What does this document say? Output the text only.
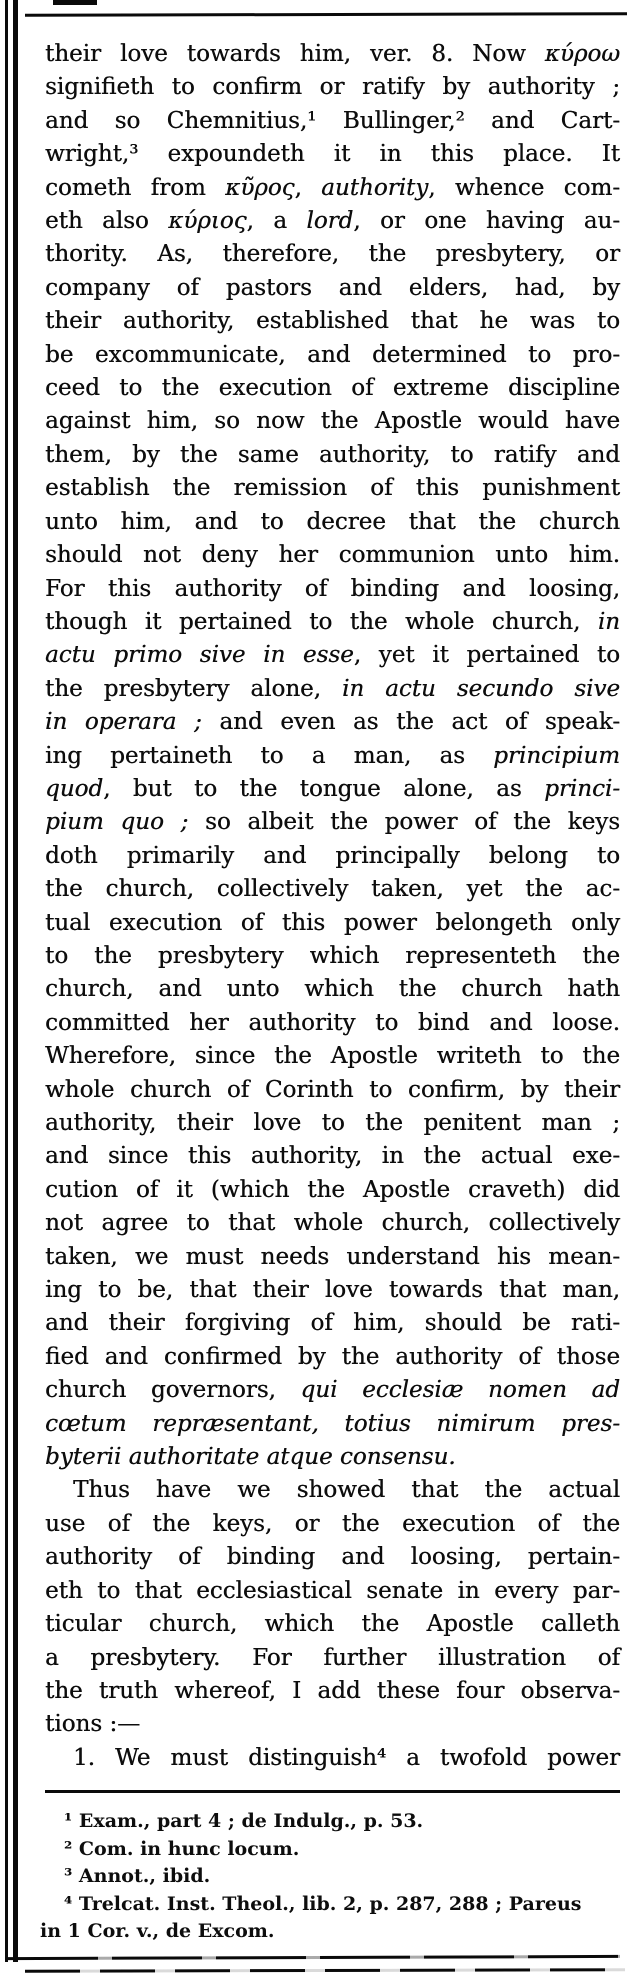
their love towards him, ver. 8. Now κύροω
signifieth to confirm or ratify by authority ;
and so Chemnitius,¹ Bullinger,² and Cart-
wright,³ expoundeth it in this place. It
cometh from κῦρος, authority, whence com-
eth also κύριος, a lord, or one having au-
thority. As, therefore, the presbytery, or
company of pastors and elders, had, by
their authority, established that he was to
be excommunicate, and determined to pro-
ceed to the execution of extreme discipline
against him, so now the Apostle would have
them, by the same authority, to ratify and
establish the remission of this punishment
unto him, and to decree that the church
should not deny her communion unto him.
For this authority of binding and loosing,
though it pertained to the whole church, in
actu primo sive in esse, yet it pertained to
the presbytery alone, in actu secundo sive
in operara ; and even as the act of speak-
ing pertaineth to a man, as principium
quod, but to the tongue alone, as princi-
pium quo ; so albeit the power of the keys
doth primarily and principally belong to
the church, collectively taken, yet the ac-
tual execution of this power belongeth only
to the presbytery which representeth the
church, and unto which the church hath
committed her authority to bind and loose.
Wherefore, since the Apostle writeth to the
whole church of Corinth to confirm, by their
authority, their love to the penitent man ;
and since this authority, in the actual exe-
cution of it (which the Apostle craveth) did
not agree to that whole church, collectively
taken, we must needs understand his mean-
ing to be, that their love towards that man,
and their forgiving of him, should be rati-
fied and confirmed by the authority of those
church governors, qui ecclesiæ nomen ad
cœtum repræsentant, totius nimirum pres-
byterii authoritate atque consensu.
Thus have we showed that the actual
use of the keys, or the execution of the
authority of binding and loosing, pertain-
eth to that ecclesiastical senate in every par-
ticular church, which the Apostle calleth
a presbytery. For further illustration of
the truth whereof, I add these four observa-
tions :—
1. We must distinguish⁴ a twofold power
¹ Exam., part 4 ; de Indulg., p. 53.
² Com. in hunc locum.
³ Annot., ibid.
⁴ Trelcat. Inst. Theol., lib. 2, p. 287, 288 ; Pareus
in 1 Cor. v., de Excom.
